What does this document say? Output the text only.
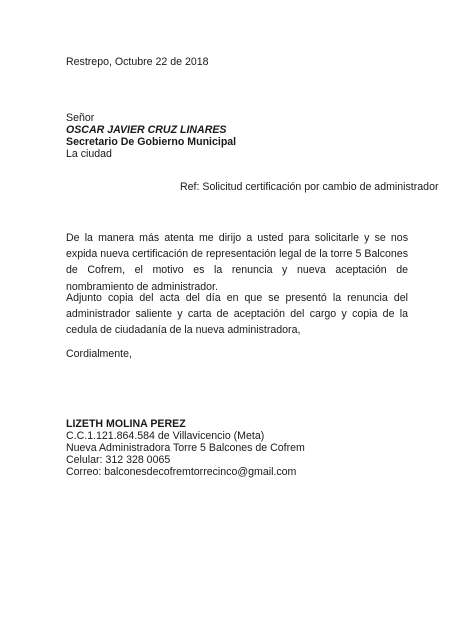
Restrepo, Octubre 22 de 2018
Señor
OSCAR JAVIER CRUZ LINARES
Secretario De Gobierno Municipal
La ciudad
Ref: Solicitud certificación por cambio de administrador
De la manera más atenta me dirijo a usted para solicitarle y se nos expida nueva certificación de representación legal de la torre 5 Balcones de Cofrem, el motivo es la renuncia y nueva aceptación de nombramiento de administrador.
Adjunto copia del acta del día en que se presentó la renuncia del administrador saliente y carta de aceptación del cargo y copia de la cedula de ciudadanía de la nueva administradora,
Cordialmente,
LIZETH MOLINA PEREZ
C.C.1.121.864.584 de Villavicencio (Meta)
Nueva Administradora Torre 5 Balcones de Cofrem
Celular: 312 328 0065
Correo: balconesdecofremtorrecinco@gmail.com
